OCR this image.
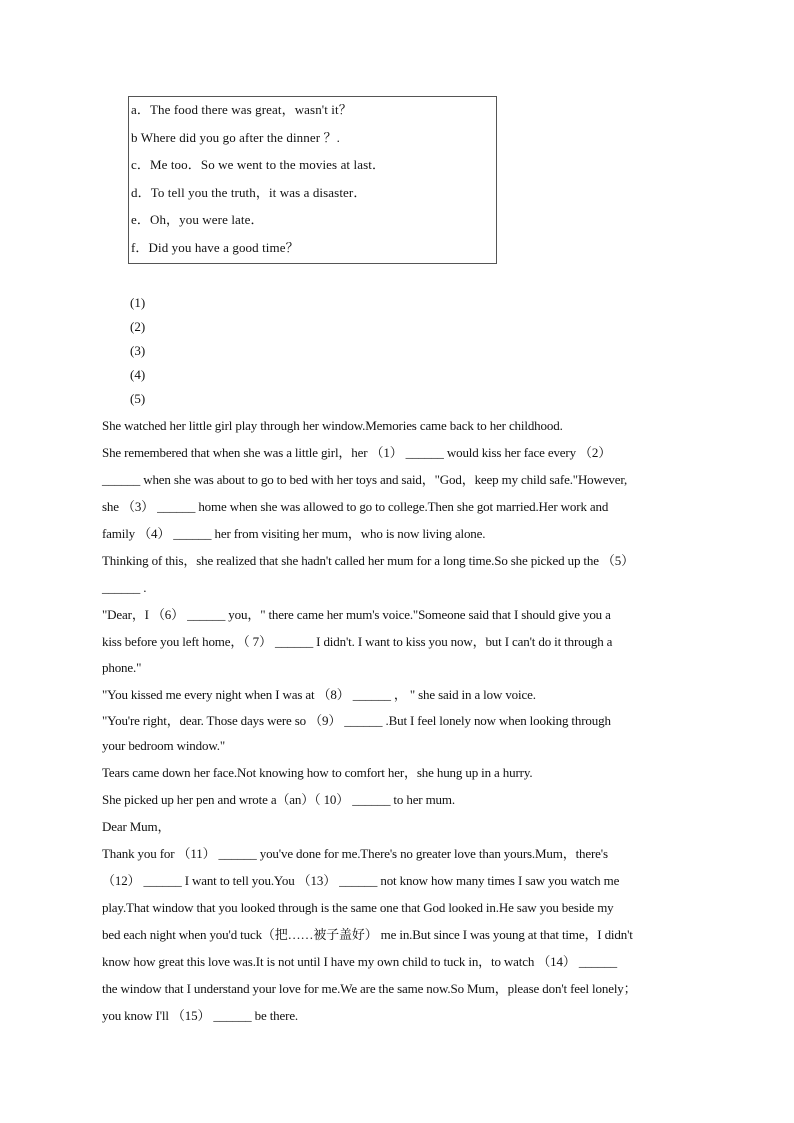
a．The food there was great，wasn't it？
b Where did you go after the dinner ？.
c．Me too．So we went to the movies at last．
d．To tell you the truth，it was a disaster．
e．Oh，you were late．
f．Did you have a good time？
(1)
(2)
(3)
(4)
(5)
She watched her little girl play through her window.Memories came back to her childhood.
She remembered that when she was a little girl，her （1） ______ would kiss her face every （2）
______ when she was about to go to bed with her toys and said，"God，keep my child safe."However,
she （3） ______ home when she was allowed to go to college.Then she got married.Her work and
family （4） ______ her from visiting her mum，who is now living alone.
Thinking of this，she realized that she hadn't called her mum for a long time.So she picked up the （5）
______ .
"Dear，I （6） ______ you，" there came her mum's voice."Someone said that I should give you a
kiss before you left home，（ 7） ______ I didn't. I want to kiss you now，but I can't do it through a
phone."
"You kissed me every night when I was at （8） ______ ， " she said in a low voice.
"You're right，dear. Those days were so （9） ______ .But I feel lonely now when looking through
your bedroom window."
Tears came down her face.Not knowing how to comfort her，she hung up in a hurry.
She picked up her pen and wrote a（an）（ 10） ______ to her mum.
Dear Mum，
Thank you for （11） ______ you've done for me.There's no greater love than yours.Mum，there's
（12） ______ I want to tell you.You （13） ______ not know how many times I saw you watch me
play.That window that you looked through is the same one that God looked in.He saw you beside my
bed each night when you'd tuck（把……被子盖好） me in.But since I was young at that time，I didn't
know how great this love was.It is not until I have my own child to tuck in，to watch （14） ______
the window that I understand your love for me.We are the same now.So Mum，please don't feel lonely；
you know I'll （15） ______ be there.
